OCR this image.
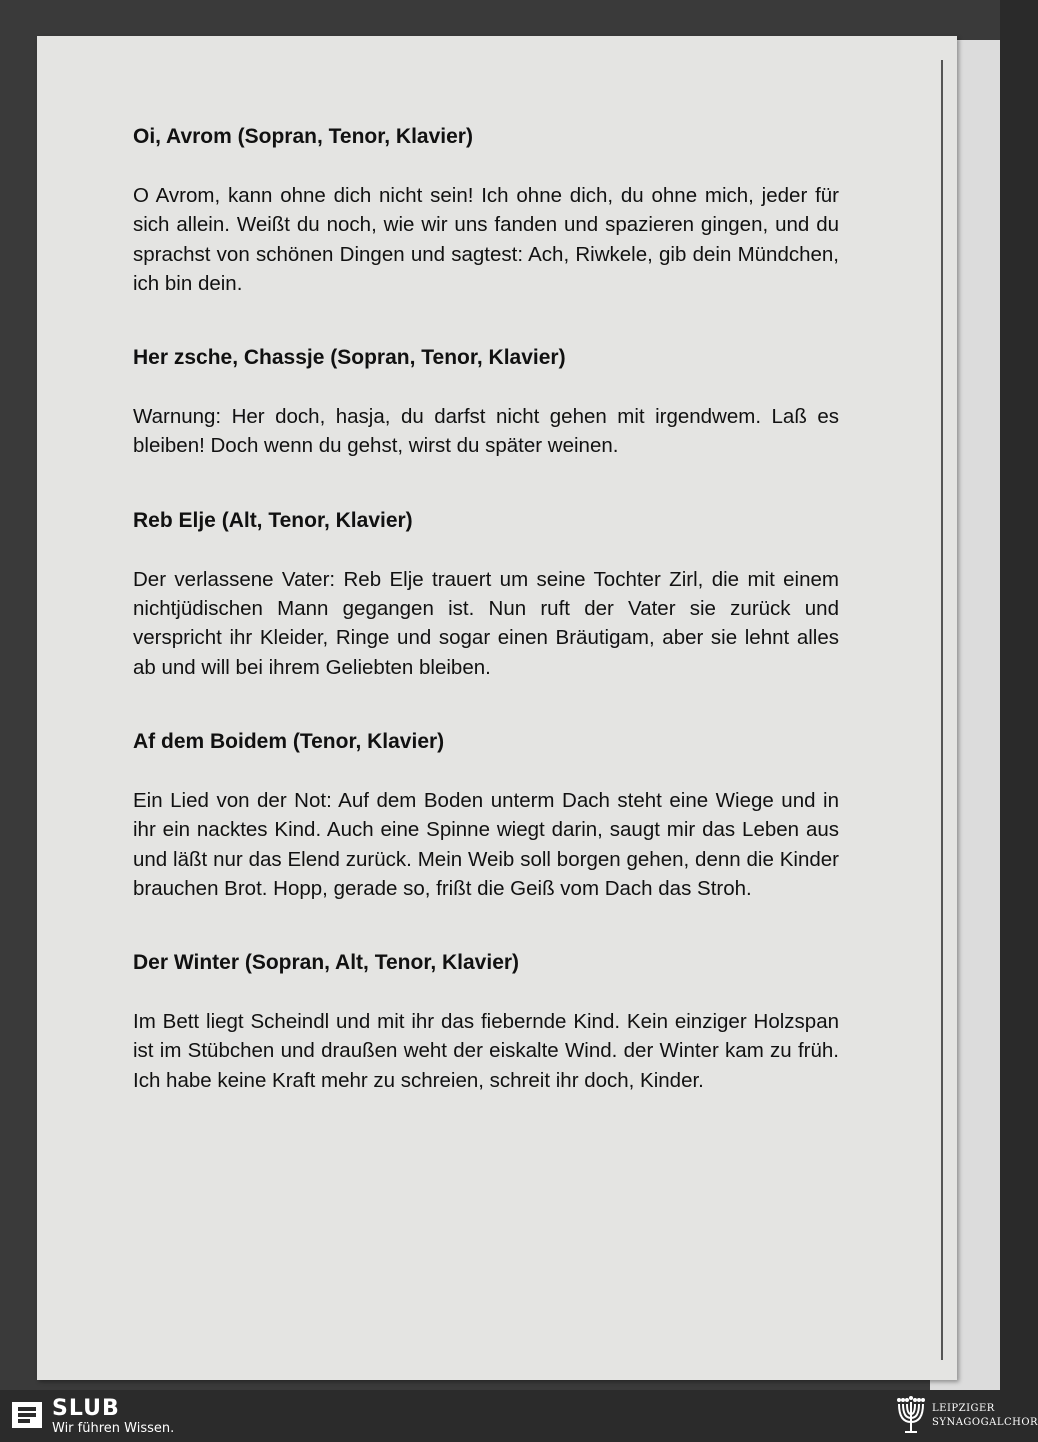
Oi, Avrom (Sopran, Tenor, Klavier)

O Avrom, kann ohne dich nicht sein! Ich ohne dich, du ohne mich, jeder für sich allein. Weißt du noch, wie wir uns fanden und spazieren gingen, und du sprachst von schönen Dingen und sagtest: Ach, Riwkele, gib dein Mündchen, ich bin dein.

Her zsche, Chassje (Sopran, Tenor, Klavier)

Warnung: Her doch, hasja, du darfst nicht gehen mit irgendwem. Laß es bleiben! Doch wenn du gehst, wirst du später weinen.

Reb Elje (Alt, Tenor, Klavier)

Der verlassene Vater: Reb Elje trauert um seine Tochter Zirl, die mit einem nichtjüdischen Mann gegangen ist. Nun ruft der Vater sie zurück und verspricht ihr Kleider, Ringe und sogar einen Bräutigam, aber sie lehnt alles ab und will bei ihrem Geliebten bleiben.

Af dem Boidem (Tenor, Klavier)

Ein Lied von der Not: Auf dem Boden unterm Dach steht eine Wiege und in ihr ein nacktes Kind. Auch eine Spinne wiegt darin, saugt mir das Leben aus und läßt nur das Elend zurück. Mein Weib soll borgen gehen, denn die Kinder brauchen Brot. Hopp, gerade so, frißt die Geiß vom Dach das Stroh.

Der Winter (Sopran, Alt, Tenor, Klavier)

Im Bett liegt Scheindl und mit ihr das fiebernde Kind. Kein einziger Holzspan ist im Stübchen und draußen weht der eiskalte Wind. der Winter kam zu früh. Ich habe keine Kraft mehr zu schreien, schreit ihr doch, Kinder.

SLUB
Wir führen Wissen.
LEIPZIGER
SYNAGOGALCHOR
